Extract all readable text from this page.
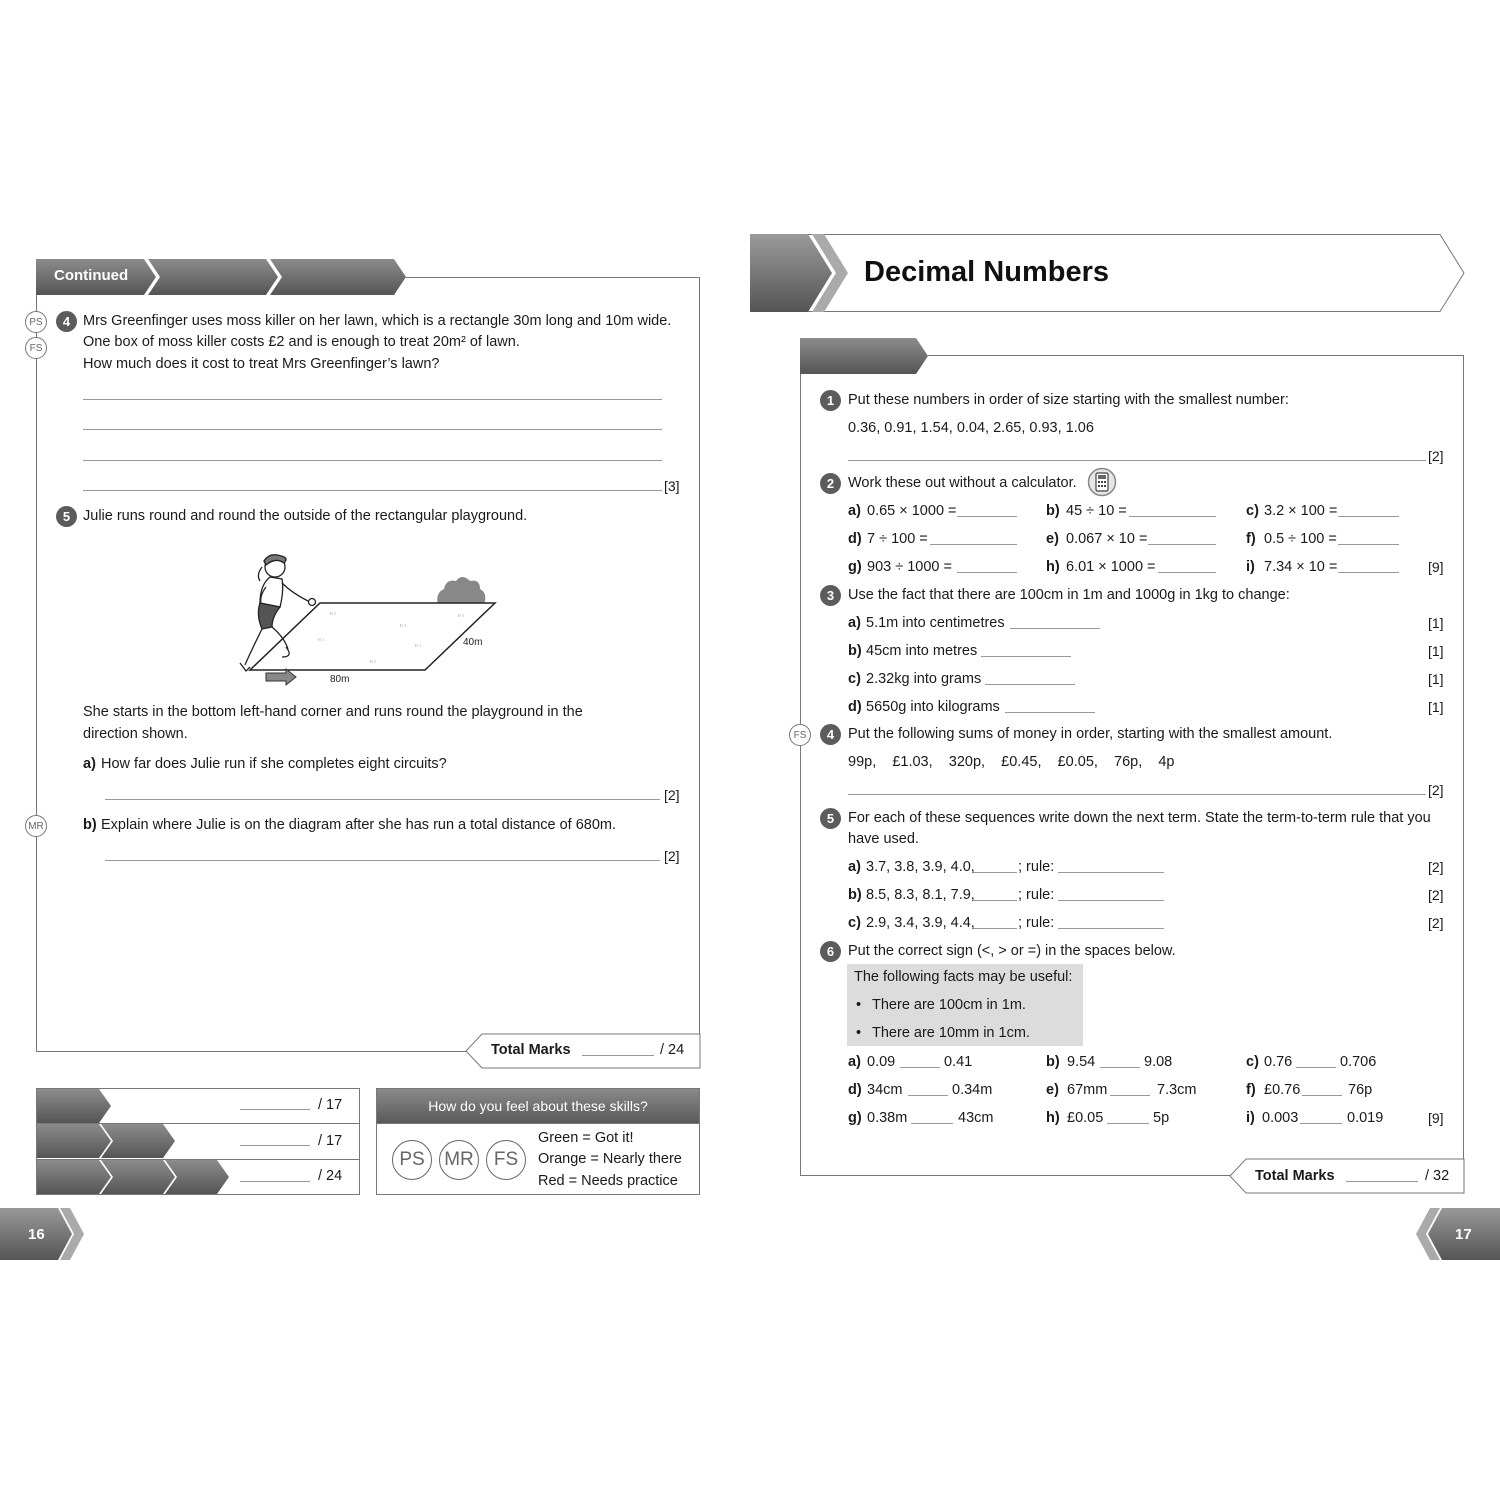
Continued
PS
FS
4 Mrs Greenfinger uses moss killer on her lawn, which is a rectangle 30m long and 10m wide.
One box of moss killer costs £2 and is enough to treat 20m² of lawn.
How much does it cost to treat Mrs Greenfinger’s lawn?
[3]
5 Julie runs round and round the outside of the rectangular playground.
ıı ı
ıı ı
ıı ı
ıı ı
ıı ı
ıı ı
40m
80m
She starts in the bottom left-hand corner and runs round the playground in the
direction shown.
a) How far does Julie run if she completes eight circuits?
[2]
MR	b) Explain where Julie is on the diagram after she has run a total distance of 680m.
[2]
Total Marks	/ 24
/ 17
/ 17
/ 24
How do you feel about these skills?
PS MR FS
Green = Got it!
Orange = Nearly there
Red = Needs practice
16
Decimal Numbers
1 Put these numbers in order of size starting with the smallest number:
0.36, 0.91, 1.54, 0.04, 2.65, 0.93, 1.06
[2]
2 Work these out without a calculator.
a) 0.65 × 1000 =	b) 45 ÷ 10 =	c) 3.2 × 100 =
d) 7 ÷ 100 =	e) 0.067 × 10 =	f) 0.5 ÷ 100 =
g) 903 ÷ 1000 =	h) 6.01 × 1000 =	i) 7.34 × 10 =	[9]
3 Use the fact that there are 100cm in 1m and 1000g in 1kg to change:
a) 5.1m into centimetres	[1]
b) 45cm into metres	[1]
c) 2.32kg into grams	[1]
d) 5650g into kilograms	[1]
FS	4 Put the following sums of money in order, starting with the smallest amount.
99p,    £1.03,    320p,    £0.45,    £0.05,    76p,    4p
[2]
5 For each of these sequences write down the next term. State the term-to-term rule that you
have used.
a) 3.7, 3.8, 3.9, 4.0,	; rule:	[2]
b) 8.5, 8.3, 8.1, 7.9,	; rule:	[2]
c) 2.9, 3.4, 3.9, 4.4,	; rule:	[2]
6 Put the correct sign (<, > or =) in the spaces below.
The following facts may be useful:
• There are 100cm in 1m.
• There are 10mm in 1cm.
a) 0.09	0.41	b) 9.54	9.08	c) 0.76	0.706
d) 34cm	0.34m	e) 67mm	7.3cm	f) £0.76	76p
g) 0.38m	43cm	h) £0.05	5p	i) 0.003	0.019	[9]
Total Marks	/ 32
17
